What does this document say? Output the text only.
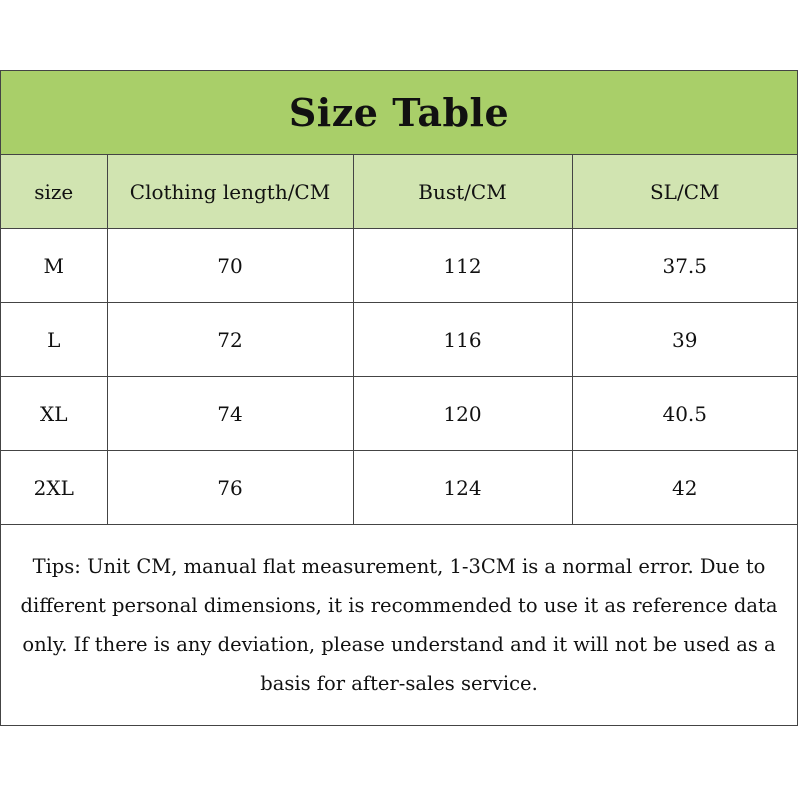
Size Table
size	Clothing length/CM	Bust/CM	SL/CM
M	70	112	37.5
L	72	116	39
XL	74	120	40.5
2XL	76	124	42
Tips: Unit CM, manual flat measurement, 1-3CM is a normal error. Due to different personal dimensions, it is recommended to use it as reference data only. If there is any deviation, please understand and it will not be used as a basis for after-sales service.
